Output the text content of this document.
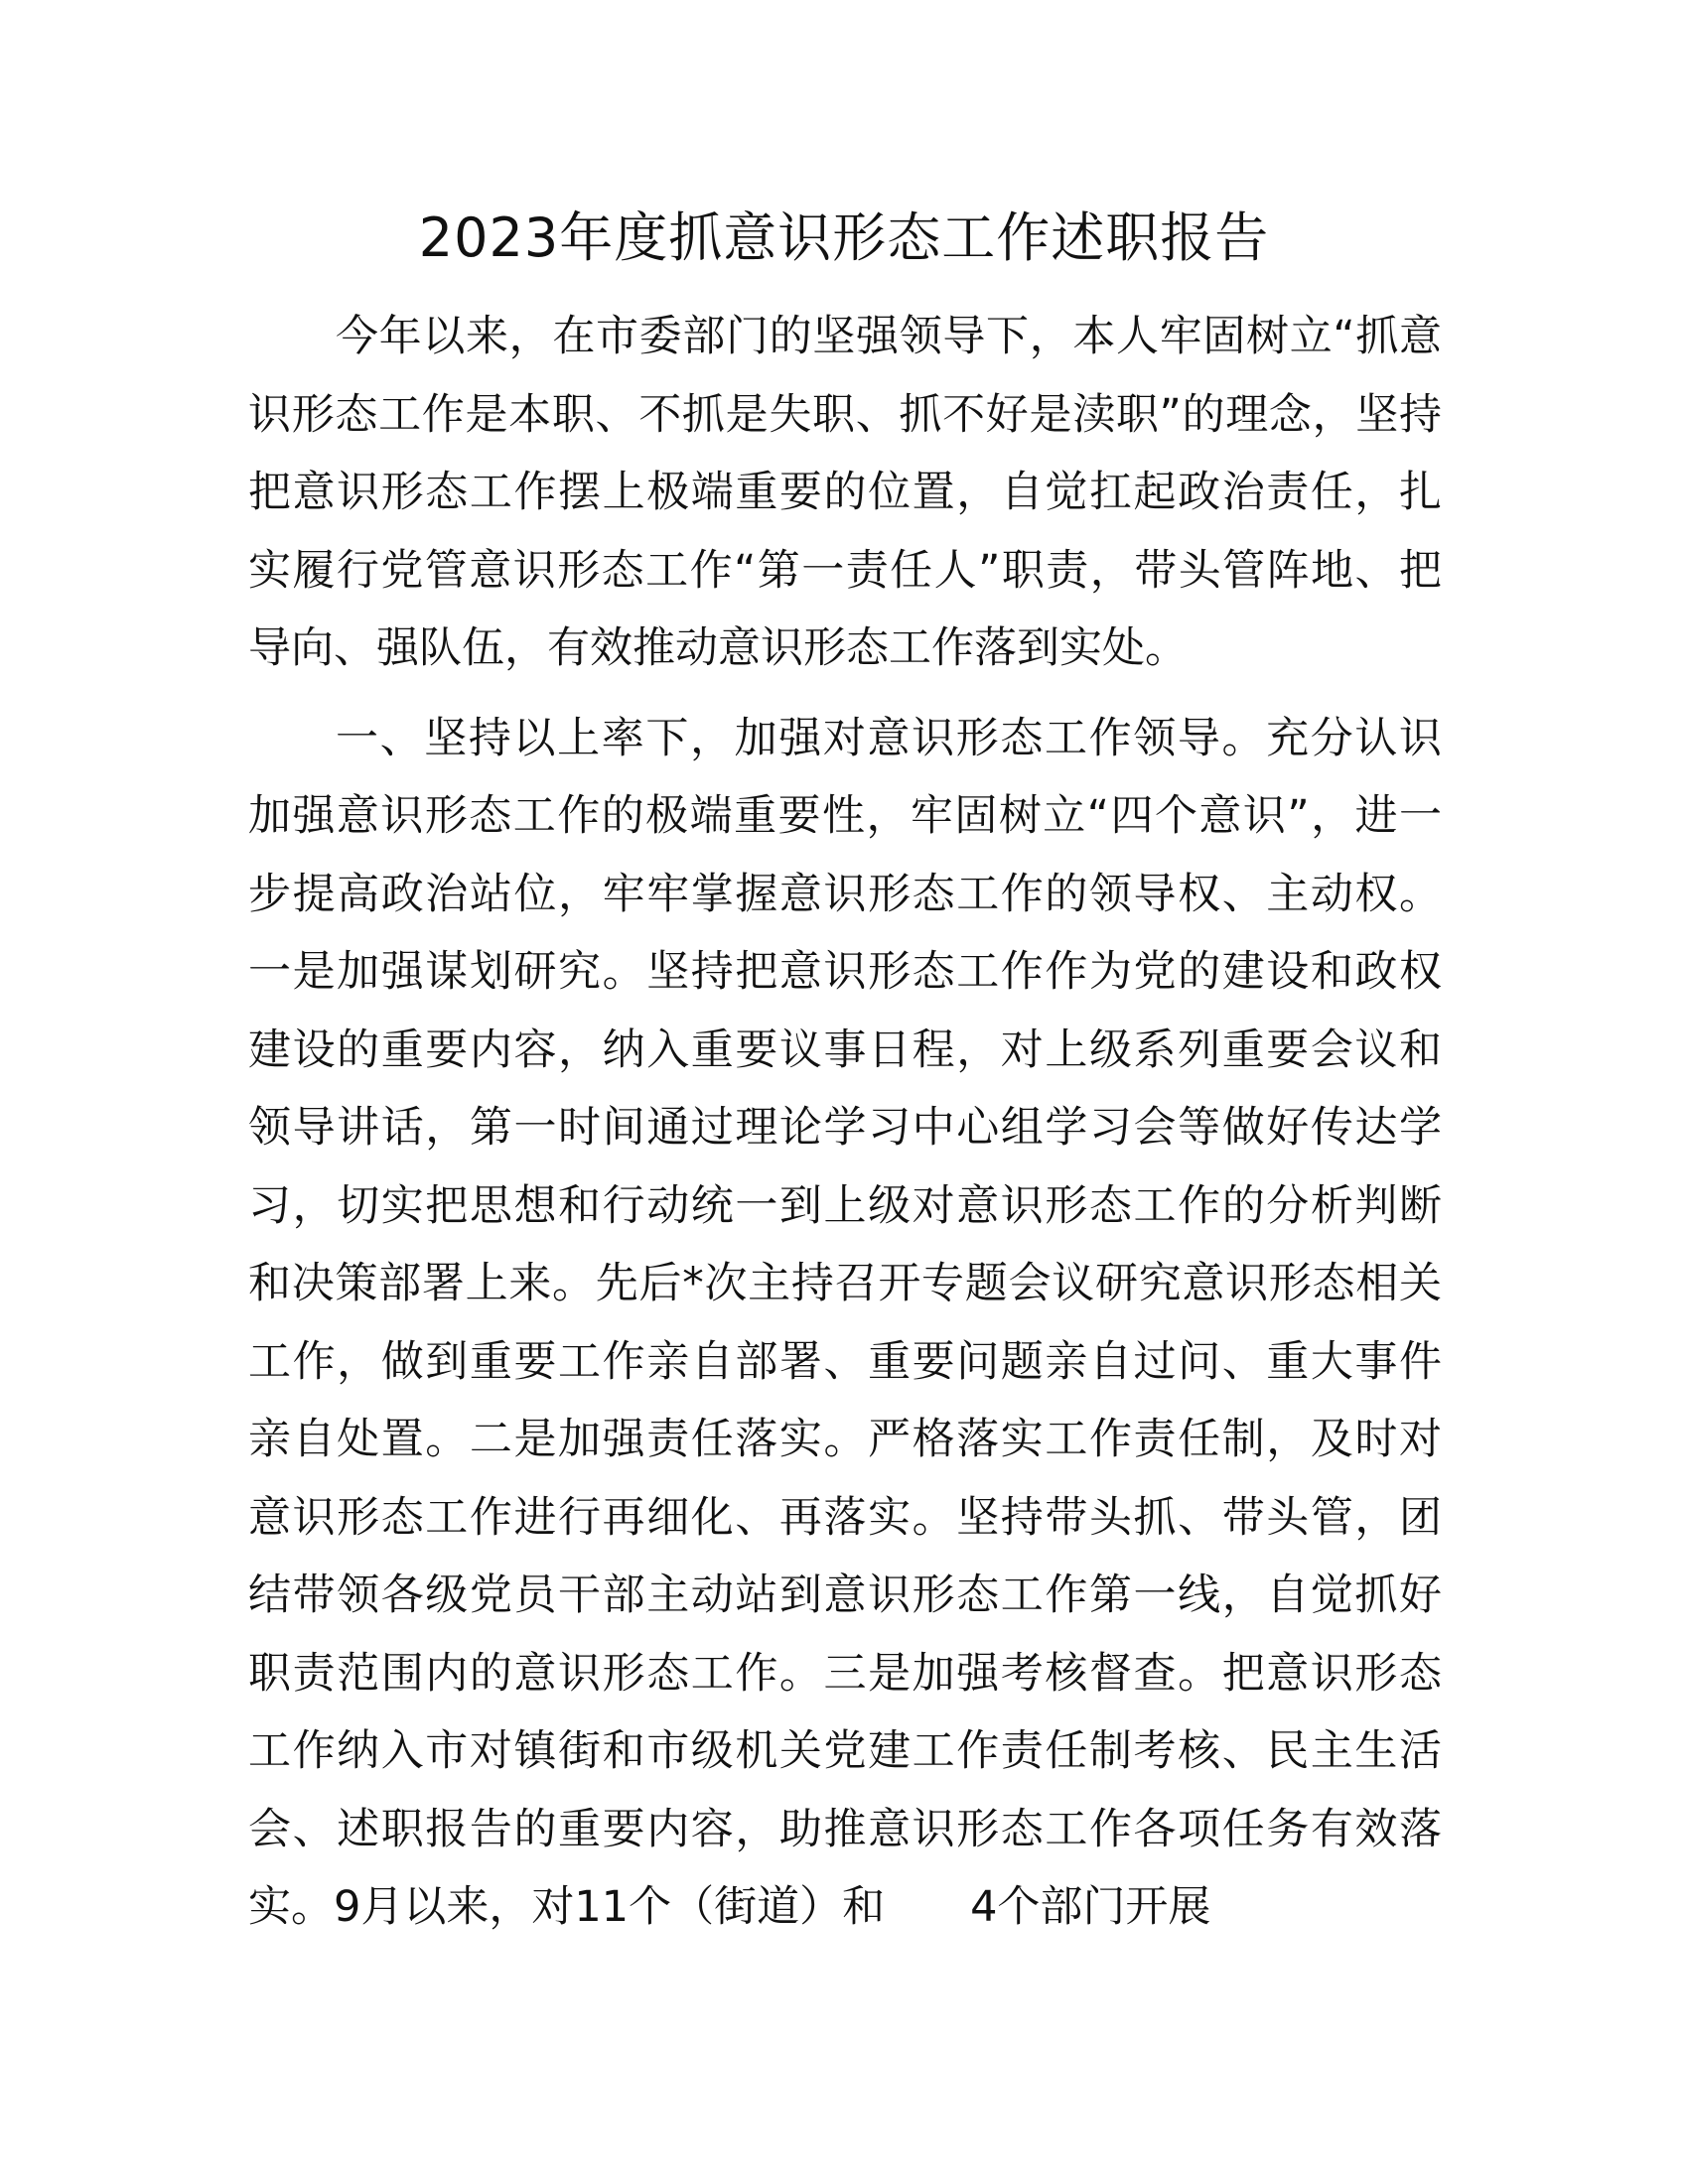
2023年度抓意识形态工作述职报告

今年以来，在市委部门的坚强领导下，本人牢固树立“抓意识形态工作是本职、不抓是失职、抓不好是渎职”的理念，坚持把意识形态工作摆上极端重要的位置，自觉扛起政治责任，扎实履行党管意识形态工作“第一责任人”职责，带头管阵地、把导向、强队伍，有效推动意识形态工作落到实处。

一、坚持以上率下，加强对意识形态工作领导。充分认识加强意识形态工作的极端重要性，牢固树立“四个意识”，进一步提高政治站位，牢牢掌握意识形态工作的领导权、主动权。一是加强谋划研究。坚持把意识形态工作作为党的建设和政权建设的重要内容，纳入重要议事日程，对上级系列重要会议和领导讲话，第一时间通过理论学习中心组学习会等做好传达学习，切实把思想和行动统一到上级对意识形态工作的分析判断和决策部署上来。先后*次主持召开专题会议研究意识形态相关工作，做到重要工作亲自部署、重要问题亲自过问、重大事件亲自处置。二是加强责任落实。严格落实工作责任制，及时对意识形态工作进行再细化、再落实。坚持带头抓、带头管，团结带领各级党员干部主动站到意识形态工作第一线，自觉抓好职责范围内的意识形态工作。三是加强考核督查。把意识形态工作纳入市对镇街和市级机关党建工作责任制考核、民主生活会、述职报告的重要内容，助推意识形态工作各项任务有效落实。9月以来，对11个（街道）和　　4个部门开展
